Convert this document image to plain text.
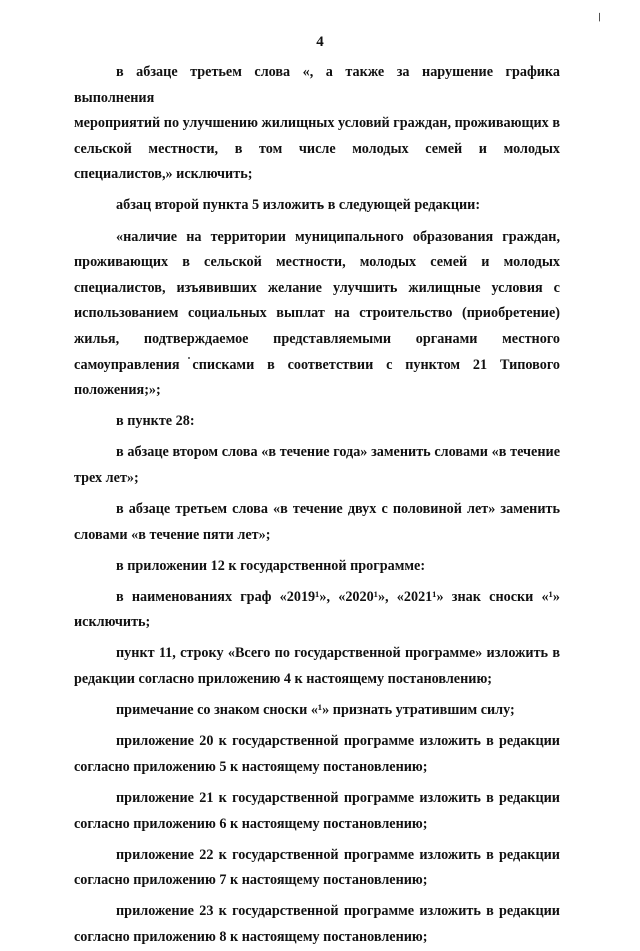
4
/

в абзаце третьем слова «, а также за нарушение графика выполнения
мероприятий по улучшению жилищных условий граждан, проживающих в
сельской местности, в том числе молодых семей и молодых
специалистов,» исключить;

абзац второй пункта 5 изложить в следующей редакции:

«наличие на территории муниципального образования граждан,
проживающих в сельской местности, молодых семей и молодых
специалистов, изъявивших желание улучшить жилищные условия с
использованием социальных выплат на строительство (приобретение)
жилья, подтверждаемое представляемыми органами местного
самоуправления списками в соответствии с пунктом 21 Типового
положения;»;

в пункте 28:

в абзаце втором слова «в течение года» заменить словами «в течение
трех лет»;

в абзаце третьем слова «в течение двух с половиной лет» заменить
словами «в течение пяти лет»;

в приложении 12 к государственной программе:

в наименованиях граф «2019¹», «2020¹», «2021¹» знак сноски «¹»
исключить;

пункт 11, строку «Всего по государственной программе» изложить в
редакции согласно приложению 4 к настоящему постановлению;

примечание со знаком сноски «¹» признать утратившим силу;

приложение 20 к государственной программе изложить в редакции
согласно приложению 5 к настоящему постановлению;

приложение 21 к государственной программе изложить в редакции
согласно приложению 6 к настоящему постановлению;

приложение 22 к государственной программе изложить в редакции
согласно приложению 7 к настоящему постановлению;

приложение 23 к государственной программе изложить в редакции
согласно приложению 8 к настоящему постановлению;
